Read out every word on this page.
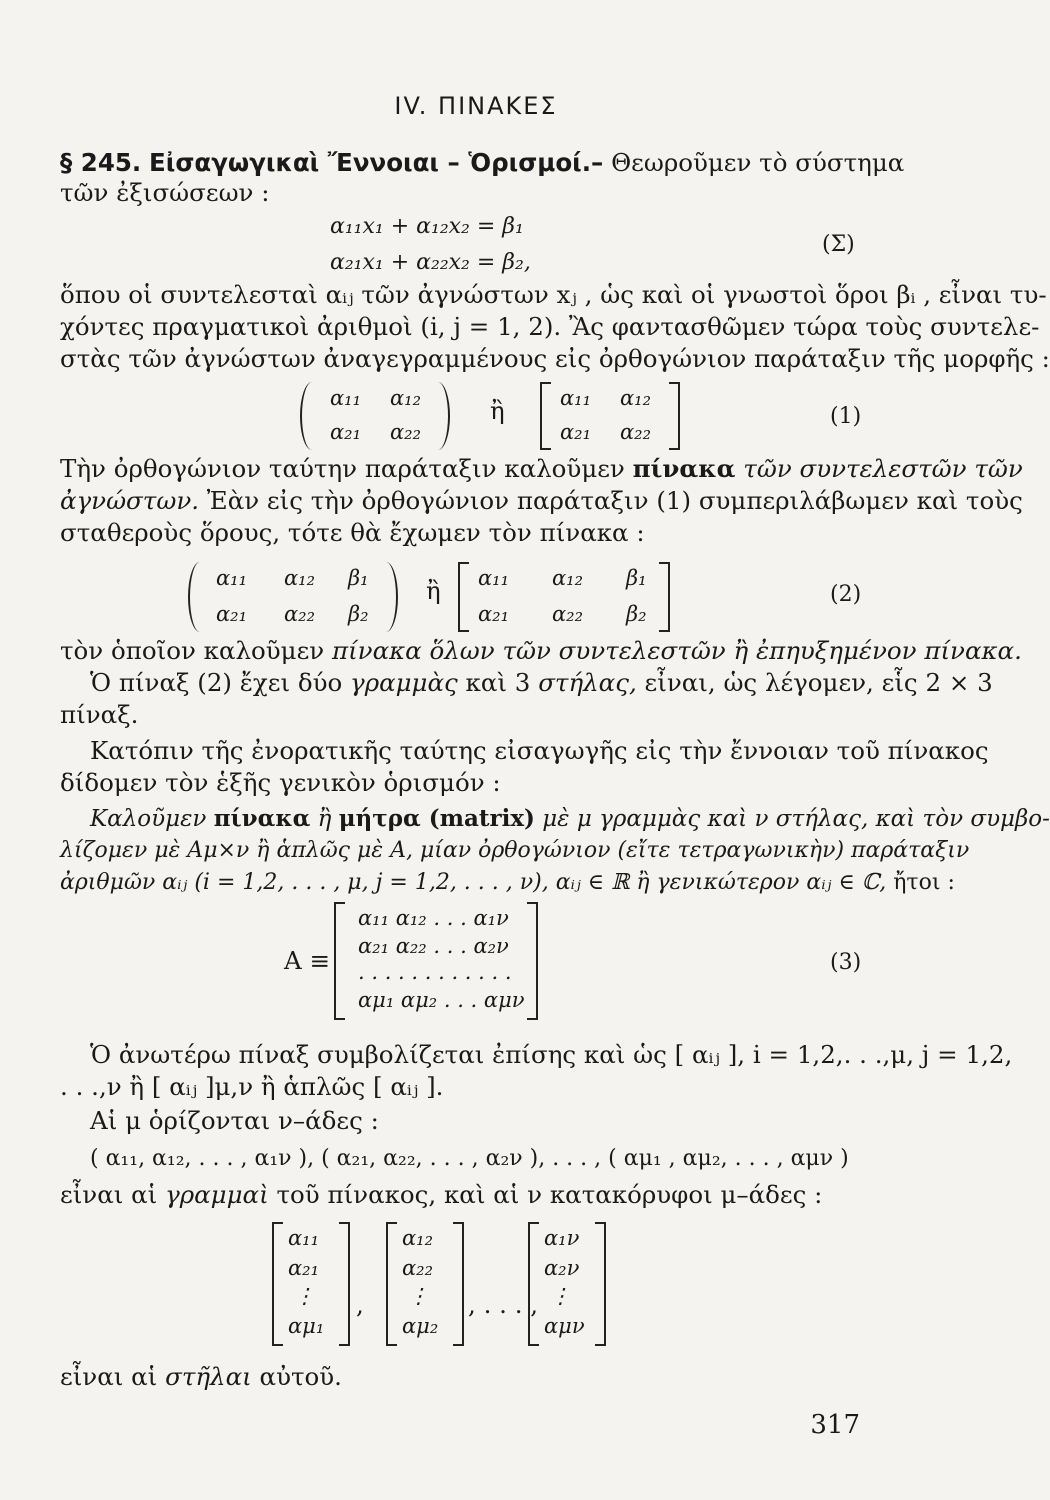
IV. ΠΙΝΑΚΕΣ
§ 245. Εἰσαγωγικαὶ Ἔννοιαι – Ὁρισμοί.– Θεωροῦμεν τὸ σύστημα
τῶν ἐξισώσεων :
α₁₁x₁ + α₁₂x₂ = β₁
α₂₁x₁ + α₂₂x₂ = β₂,
(Σ)
ὅπου οἱ συντελεσταὶ αᵢⱼ τῶν ἀγνώστων xⱼ , ὡς καὶ οἱ γνωστοὶ ὅροι βᵢ , εἶναι τυ-
χόντες πραγματικοὶ ἀριθμοὶ (i, j = 1, 2). Ἂς φαντασθῶμεν τώρα τοὺς συντελε-
στὰς τῶν ἀγνώστων ἀναγεγραμμένους εἰς ὀρθογώνιον παράταξιν τῆς μορφῆς :
α₁₁ α₁₂
α₂₁ α₂₂
ἢ	α₁₁ α₁₂
α₂₁ α₂₂
(1)
Τὴν ὀρθογώνιον ταύτην παράταξιν καλοῦμεν πίνακα τῶν συντελεστῶν τῶν
ἀγνώστων. Ἐὰν εἰς τὴν ὀρθογώνιον παράταξιν (1) συμπεριλάβωμεν καὶ τοὺς
σταθεροὺς ὅρους, τότε θὰ ἔχωμεν τὸν πίνακα :
α₁₁ α₁₂ β₁
α₂₁ α₂₂ β₂
ἢ α₁₁ α₁₂ β₁
α₂₁ α₂₂ β₂
(2)
τὸν ὁποῖον καλοῦμεν πίνακα ὅλων τῶν συντελεστῶν ἢ ἐπηυξημένον πίνακα.
Ὁ πίναξ (2) ἔχει δύο γραμμὰς καὶ 3 στήλας, εἶναι, ὡς λέγομεν, εἷς 2 × 3
πίναξ.
Κατόπιν τῆς ἐνορατικῆς ταύτης εἰσαγωγῆς εἰς τὴν ἔννοιαν τοῦ πίνακος
δίδομεν τὸν ἑξῆς γενικὸν ὁρισμόν :
Καλοῦμεν πίνακα ἢ μήτρα (matrix) μὲ μ γραμμὰς καὶ ν στήλας, καὶ τὸν συμβο-
λίζομεν μὲ Aμ×ν ἢ ἁπλῶς μὲ A, μίαν ὀρθογώνιον (εἴτε τετραγωνικὴν) παράταξιν
ἀριθμῶν αᵢⱼ (i = 1,2, . . . , μ, j = 1,2, . . . , ν), αᵢⱼ ∈ ℝ ἢ γενικώτερον αᵢⱼ ∈ ℂ, ἤτοι :
A ≡
α₁₁ α₁₂ . . . α₁ν
α₂₁ α₂₂ . . . α₂ν
. . . . . . . . . . . .
αμ₁ αμ₂ . . . αμν
(3)
Ὁ ἀνωτέρω πίναξ συμβολίζεται ἐπίσης καὶ ὡς [ αᵢⱼ ], i = 1,2,. . .,μ, j = 1,2,
. . .,ν ἢ [ αᵢⱼ ]μ,ν ἢ ἁπλῶς [ αᵢⱼ ].
Αἱ μ ὁρίζονται ν–άδες :
( α₁₁, α₁₂, . . . , α₁ν ), ( α₂₁, α₂₂, . . . , α₂ν ), . . . , ( αμ₁ , αμ₂, . . . , αμν )
εἶναι αἱ γραμμαὶ τοῦ πίνακος, καὶ αἱ ν κατακόρυφοι μ–άδες :
α₁₁
α₂₁
⋮
αμ₁
,
α₁₂
α₂₂
⋮
αμ₂
, . . . ,
α₁ν
α₂ν
⋮
αμν
εἶναι αἱ στῆλαι αὐτοῦ.
317
